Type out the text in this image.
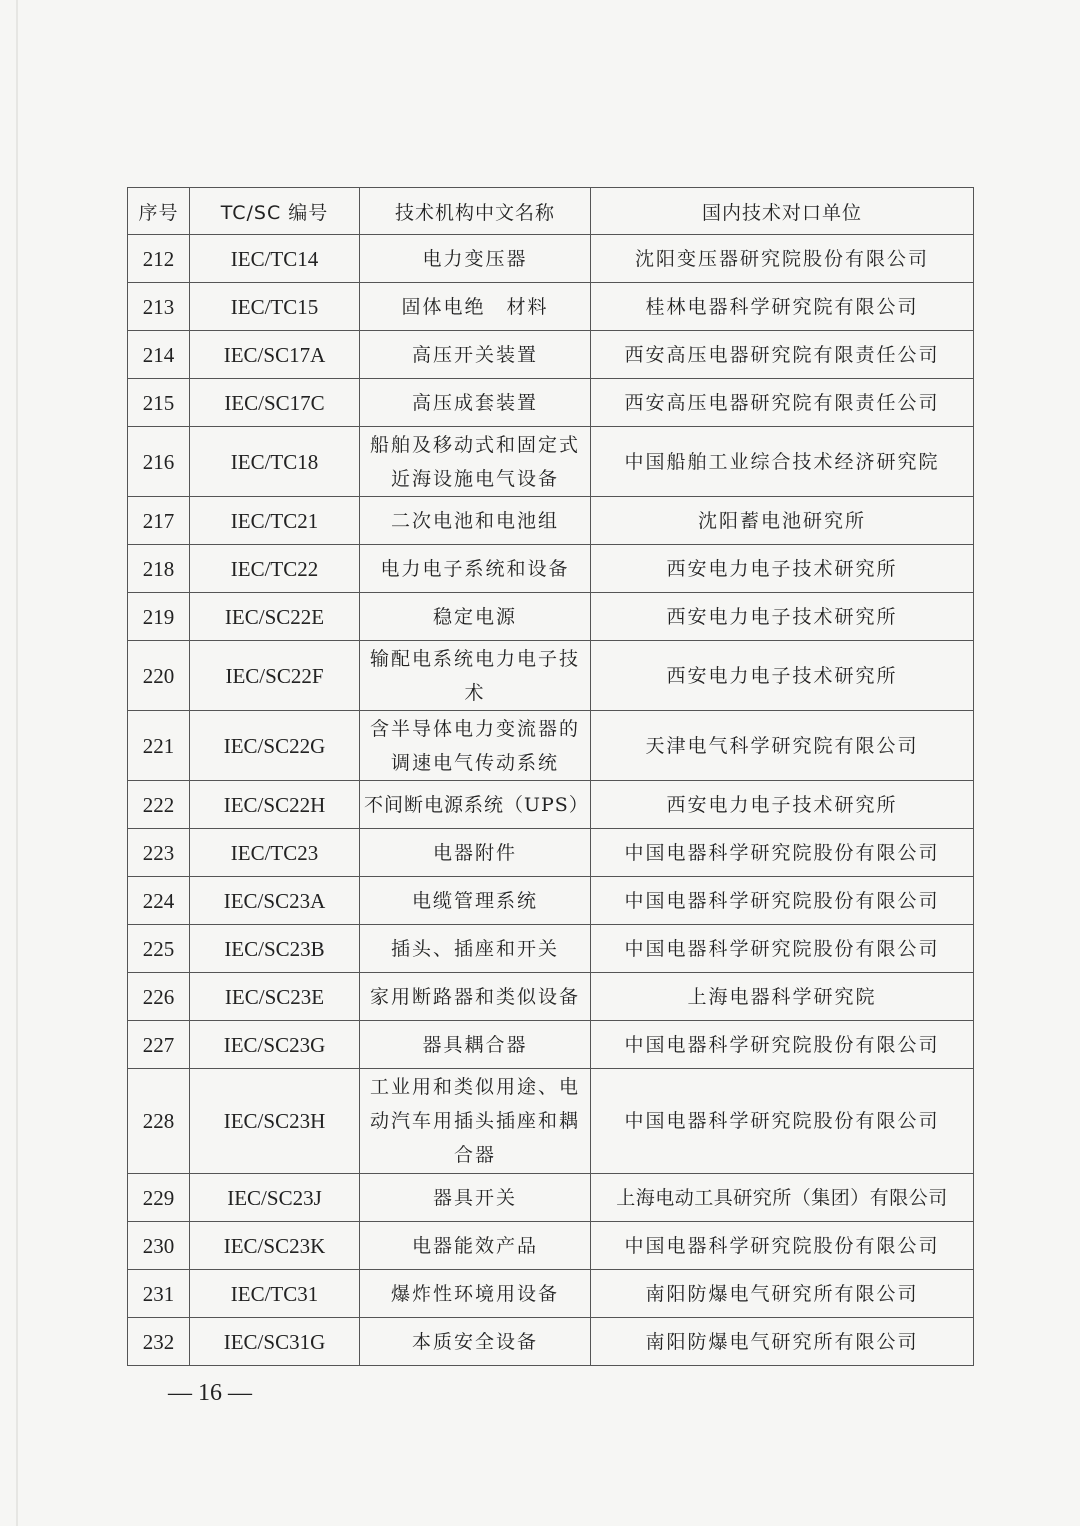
序号	TC/SC 编号	技术机构中文名称	国内技术对口单位
212	IEC/TC14	电力变压器	沈阳变压器研究院股份有限公司
213	IEC/TC15	固体电绝　材料	桂林电器科学研究院有限公司
214	IEC/SC17A	高压开关装置	西安高压电器研究院有限责任公司
215	IEC/SC17C	高压成套装置	西安高压电器研究院有限责任公司
216	IEC/TC18	船舶及移动式和固定式近海设施电气设备	中国船舶工业综合技术经济研究院
217	IEC/TC21	二次电池和电池组	沈阳蓄电池研究所
218	IEC/TC22	电力电子系统和设备	西安电力电子技术研究所
219	IEC/SC22E	稳定电源	西安电力电子技术研究所
220	IEC/SC22F	输配电系统电力电子技术	西安电力电子技术研究所
221	IEC/SC22G	含半导体电力变流器的调速电气传动系统	天津电气科学研究院有限公司
222	IEC/SC22H	不间断电源系统（UPS）	西安电力电子技术研究所
223	IEC/TC23	电器附件	中国电器科学研究院股份有限公司
224	IEC/SC23A	电缆管理系统	中国电器科学研究院股份有限公司
225	IEC/SC23B	插头、插座和开关	中国电器科学研究院股份有限公司
226	IEC/SC23E	家用断路器和类似设备	上海电器科学研究院
227	IEC/SC23G	器具耦合器	中国电器科学研究院股份有限公司
228	IEC/SC23H	工业用和类似用途、电动汽车用插头插座和耦合器	中国电器科学研究院股份有限公司
229	IEC/SC23J	器具开关	上海电动工具研究所（集团）有限公司
230	IEC/SC23K	电器能效产品	中国电器科学研究院股份有限公司
231	IEC/TC31	爆炸性环境用设备	南阳防爆电气研究所有限公司
232	IEC/SC31G	本质安全设备	南阳防爆电气研究所有限公司
— 16 —
